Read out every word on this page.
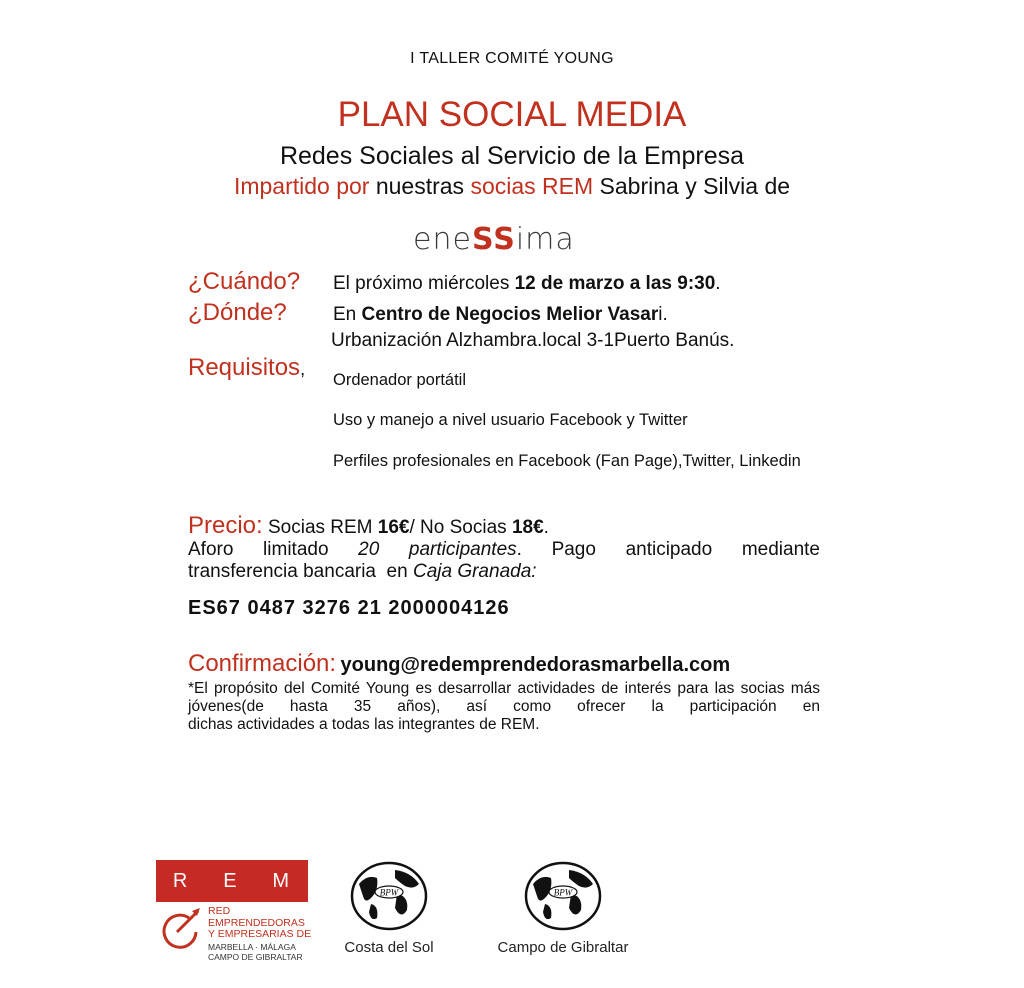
I TALLER COMITÉ YOUNG
PLAN SOCIAL MEDIA
Redes Sociales al Servicio de la Empresa
Impartido por nuestras socias REM Sabrina y Silvia de
eneSSima
¿Cuándo? El próximo miércoles 12 de marzo a las 9:30.
¿Dónde? En Centro de Negocios Melior Vasari.
Urbanización Alzhambra.local 3-1Puerto Banús.
Requisitos,
Ordenador portátil
Uso y manejo a nivel usuario Facebook y Twitter
Perfiles profesionales en Facebook (Fan Page),Twitter, Linkedin
Precio: Socias REM 16€/ No Socias 18€.
Aforo limitado 20 participantes. Pago anticipado mediante
transferencia bancaria  en Caja Granada:
ES67 0487 3276 21 2000004126
Confirmación: young@redemprendedorasmarbella.com
*El propósito del Comité Young es desarrollar actividades de interés para las socias más jóvenes(de hasta 35 años), así como ofrecer la participación en
dichas actividades a todas las integrantes de REM.
R E M
RED
EMPRENDEDORAS
Y EMPRESARIAS DE
MARBELLA · MÁLAGA
CAMPO DE GIBRALTAR
BPW
Costa del Sol
BPW
Campo de Gibraltar
